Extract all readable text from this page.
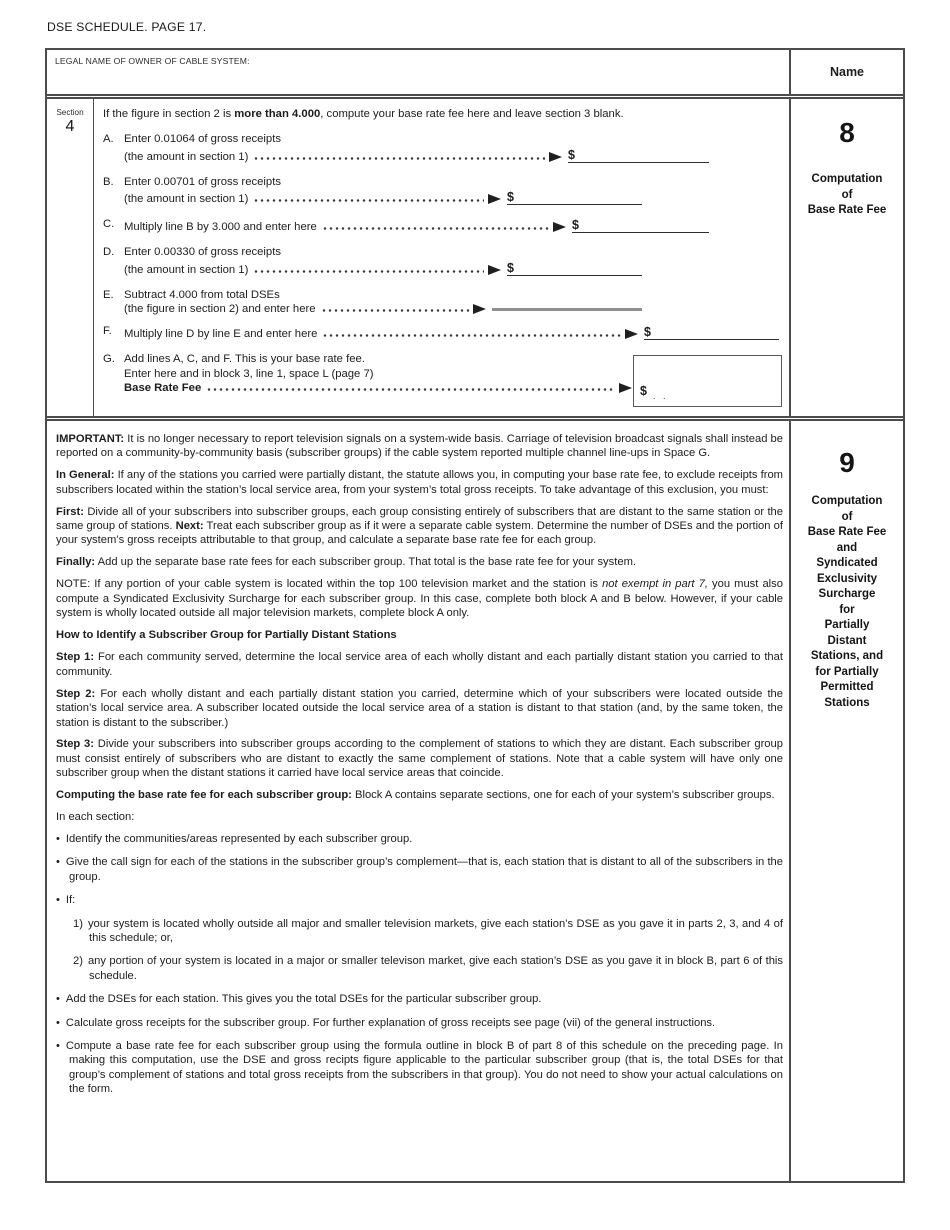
DSE SCHEDULE. PAGE 17.
LEGAL NAME OF OWNER OF CABLE SYSTEM:
Name
Section
4
If the figure in section 2 is more than 4.000, compute your base rate fee here and leave section 3 blank.
A. Enter 0.01064 of gross receipts
(the amount in section 1)	$
B. Enter 0.00701 of gross receipts
(the amount in section 1)	$
C. Multiply line B by 3.000 and enter here	$
D. Enter 0.00330 of gross receipts
(the amount in section 1)	$
E. Subtract 4.000 from total DSEs
(the figure in section 2) and enter here
F.	Multiply line D by line E and enter here	$
G. Add lines A, C, and F. This is your base rate fee.
Enter here and in block 3, line 1, space L (page 7)
Base Rate Fee	$ . .
8
Computation
of
Base Rate Fee
IMPORTANT: It is no longer necessary to report television signals on a system-wide basis. Carriage of television broadcast signals shall instead be reported on a community-by-community basis (subscriber groups) if the cable system reported multiple channel line-ups in Space G.
In General: If any of the stations you carried were partially distant, the statute allows you, in computing your base rate fee, to exclude receipts from subscribers located within the station’s local service area, from your system’s total gross receipts. To take advantage of this exclusion, you must:
First: Divide all of your subscribers into subscriber groups, each group consisting entirely of subscribers that are distant to the same station or the same group of stations. Next: Treat each subscriber group as if it were a separate cable system. Determine the number of DSEs and the portion of your system’s gross receipts attributable to that group, and calculate a separate base rate fee for each group.
Finally: Add up the separate base rate fees for each subscriber group. That total is the base rate fee for your system.
NOTE: If any portion of your cable system is located within the top 100 television market and the station is not exempt in part 7, you must also compute a Syndicated Exclusivity Surcharge for each subscriber group. In this case, complete both block A and B below. However, if your cable system is wholly located outside all major television markets, complete block A only.
How to Identify a Subscriber Group for Partially Distant Stations
Step 1: For each community served, determine the local service area of each wholly distant and each partially distant station you carried to that community.
Step 2: For each wholly distant and each partially distant station you carried, determine which of your subscribers were located outside the station’s local service area. A subscriber located outside the local service area of a station is distant to that station (and, by the same token, the station is distant to the subscriber.)
Step 3: Divide your subscribers into subscriber groups according to the complement of stations to which they are distant. Each subscriber group must consist entirely of subscribers who are distant to exactly the same complement of stations. Note that a cable system will have only one subscriber group when the distant stations it carried have local service areas that coincide.
Computing the base rate fee for each subscriber group: Block A contains separate sections, one for each of your system’s subscriber groups.
In each section:
• Identify the communities/areas represented by each subscriber group.
• Give the call sign for each of the stations in the subscriber group’s complement—that is, each station that is distant to all of the subscribers in the group.
• If:
1) your system is located wholly outside all major and smaller television markets, give each station’s DSE as you gave it in parts 2, 3, and 4 of this schedule; or,
2) any portion of your system is located in a major or smaller televison market, give each station’s DSE as you gave it in block B, part 6 of this schedule.
• Add the DSEs for each station. This gives you the total DSEs for the particular subscriber group.
• Calculate gross receipts for the subscriber group. For further explanation of gross receipts see page (vii) of the general instructions.
• Compute a base rate fee for each subscriber group using the formula outline in block B of part 8 of this schedule on the preceding page. In making this computation, use the DSE and gross recipts figure applicable to the particular subscriber group (that is, the total DSEs for that group’s complement of stations and total gross receipts from the subscribers in that group). You do not need to show your actual calculations on the form.
9
Computation
of
Base Rate Fee
and
Syndicated
Exclusivity
Surcharge
for
Partially
Distant
Stations, and
for Partially
Permitted
Stations
